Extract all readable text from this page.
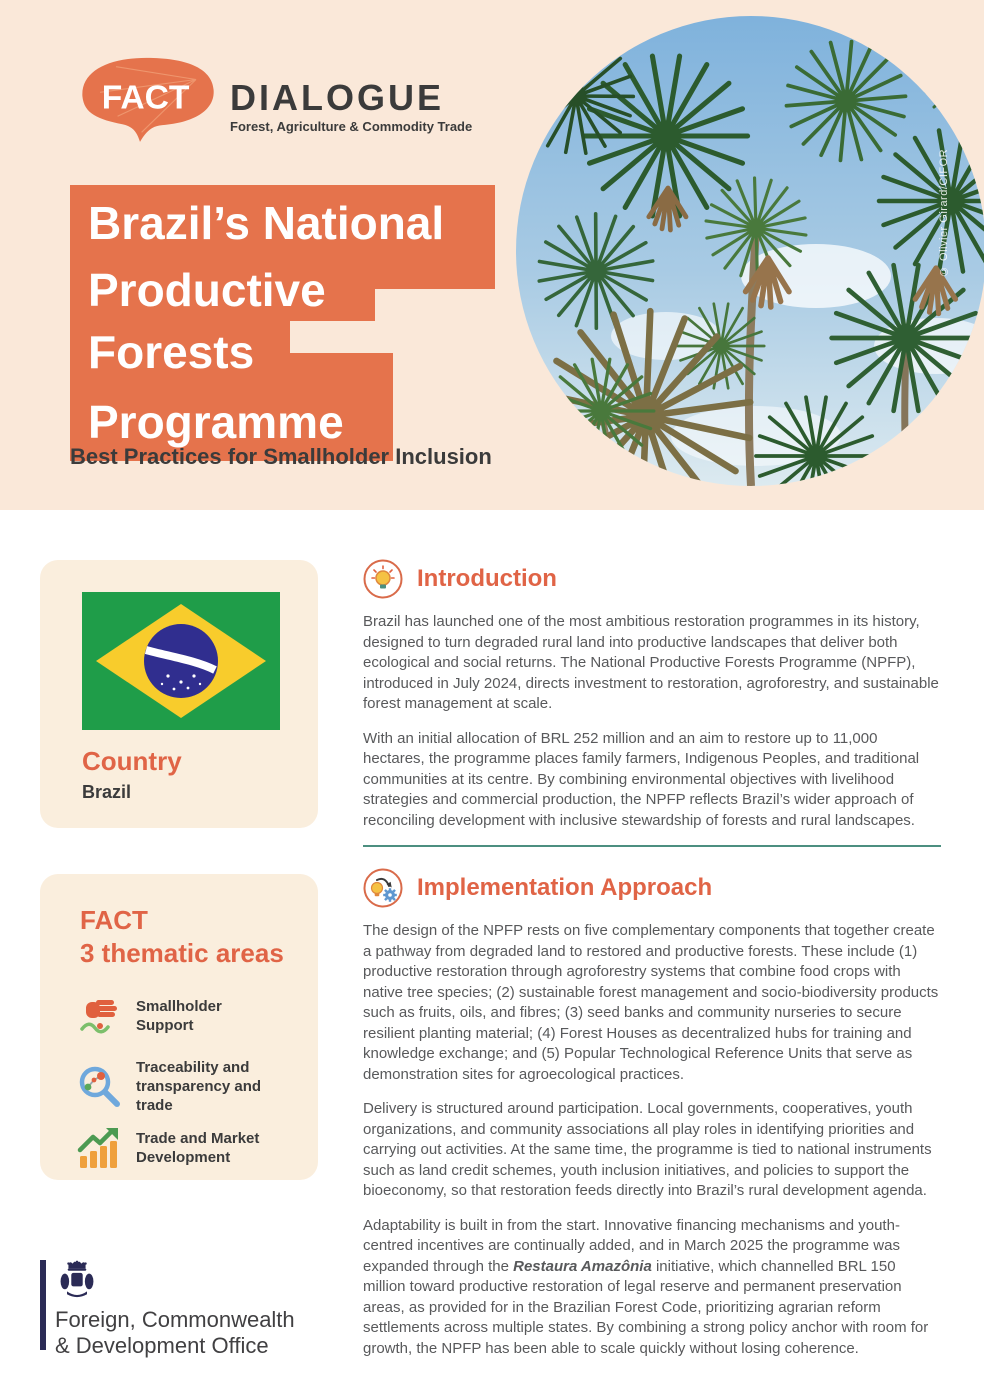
© Olivier Girard/CIFOR
FACT DIALOGUE
Forest, Agriculture & Commodity Trade
Brazil’s National
Productive
Forests
Programme
Best Practices for Smallholder Inclusion
Country
Brazil
FACT
3 thematic areas
Smallholder
Support
Traceability and
transparency and trade
Trade and Market
Development
Introduction

Brazil has launched one of the most ambitious restoration programmes in its history, designed to turn degraded rural land into productive landscapes that deliver both ecological and social returns. The National Productive Forests Programme (NPFP), introduced in July 2024, directs investment to restoration, agroforestry, and sustainable forest management at scale.

With an initial allocation of BRL 252 million and an aim to restore up to 11,000 hectares, the programme places family farmers, Indigenous Peoples, and traditional communities at its centre. By combining environmental objectives with livelihood strategies and commercial production, the NPFP reflects Brazil’s wider approach of reconciling development with inclusive stewardship of forests and rural landscapes.

Implementation Approach

The design of the NPFP rests on five complementary components that together create a pathway from degraded land to restored and productive forests. These include (1) productive restoration through agroforestry systems that combine food crops with native tree species; (2) sustainable forest management and socio-biodiversity products such as fruits, oils, and fibres; (3) seed banks and community nurseries to secure resilient planting material; (4) Forest Houses as decentralized hubs for training and knowledge exchange; and (5) Popular Technological Reference Units that serve as demonstration sites for agroecological practices.

Delivery is structured around participation. Local governments, cooperatives, youth organizations, and community associations all play roles in identifying priorities and carrying out activities. At the same time, the programme is tied to national instruments such as land credit schemes, youth inclusion initiatives, and policies to support the bioeconomy, so that restoration feeds directly into Brazil’s rural development agenda.

Adaptability is built in from the start. Innovative financing mechanisms and youth-centred incentives are continually added, and in March 2025 the programme was expanded through the Restaura Amazônia initiative, which channelled BRL 150 million toward productive restoration of legal reserve and permanent preservation areas, as provided for in the Brazilian Forest Code, prioritizing agrarian reform settlements across multiple states. By combining a strong policy anchor with room for growth, the NPFP has been able to scale quickly without losing coherence.

Foreign, Commonwealth
& Development Office
